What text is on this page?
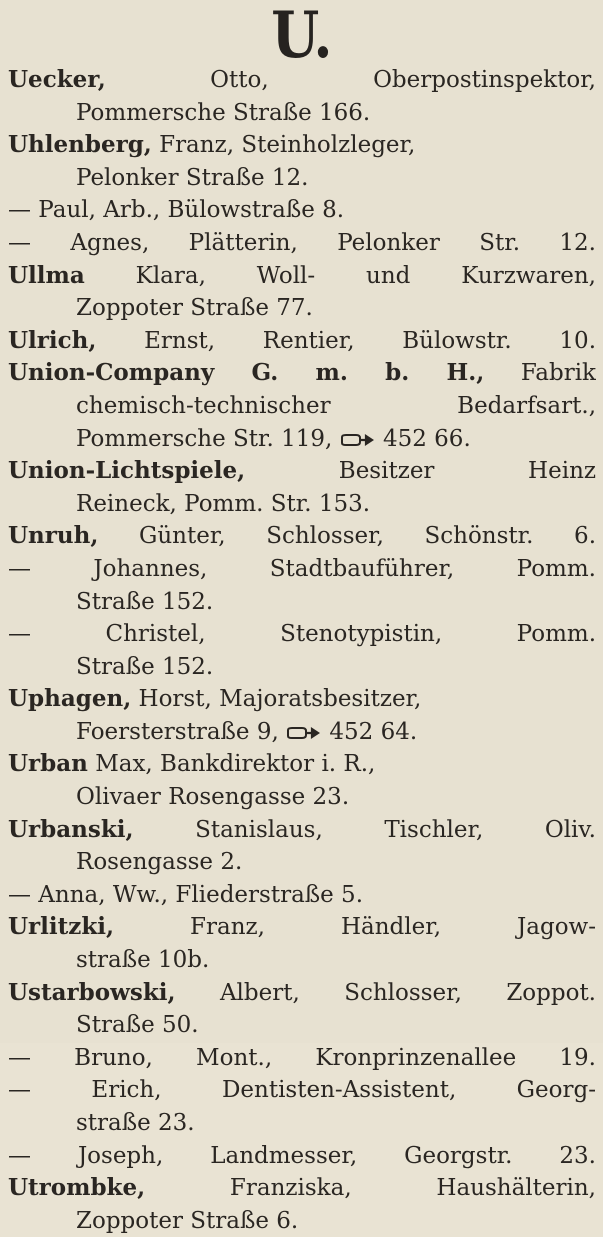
U.
Uecker, Otto, Oberpostinspektor,
Pommersche Straße 166.
Uhlenberg, Franz, Steinholzleger,
Pelonker Straße 12.
— Paul, Arb., Bülowstraße 8.
— Agnes, Plätterin, Pelonker Str. 12.
Ullma Klara, Woll- und Kurzwaren,
Zoppoter Straße 77.
Ulrich, Ernst, Rentier, Bülowstr. 10.
Union-Company G. m. b. H., Fabrik
chemisch-technischer Bedarfsart.,
Pommersche Str. 119,  452 66.
Union-Lichtspiele, Besitzer Heinz
Reineck, Pomm. Str. 153.
Unruh, Günter, Schlosser, Schönstr. 6.
— Johannes, Stadtbauführer, Pomm.
Straße 152.
— Christel, Stenotypistin, Pomm.
Straße 152.
Uphagen, Horst, Majoratsbesitzer,
Foersterstraße 9,  452 64.
Urban Max, Bankdirektor i. R.,
Olivaer Rosengasse 23.
Urbanski, Stanislaus, Tischler, Oliv.
Rosengasse 2.
— Anna, Ww., Fliederstraße 5.
Urlitzki, Franz, Händler, Jagow-
straße 10b.
Ustarbowski, Albert, Schlosser, Zoppot.
Straße 50.
— Bruno, Mont., Kronprinzenallee 19.
— Erich, Dentisten-Assistent, Georg-
straße 23.
— Joseph, Landmesser, Georgstr. 23.
Utrombke, Franziska, Haushälterin,
Zoppoter Straße 6.
